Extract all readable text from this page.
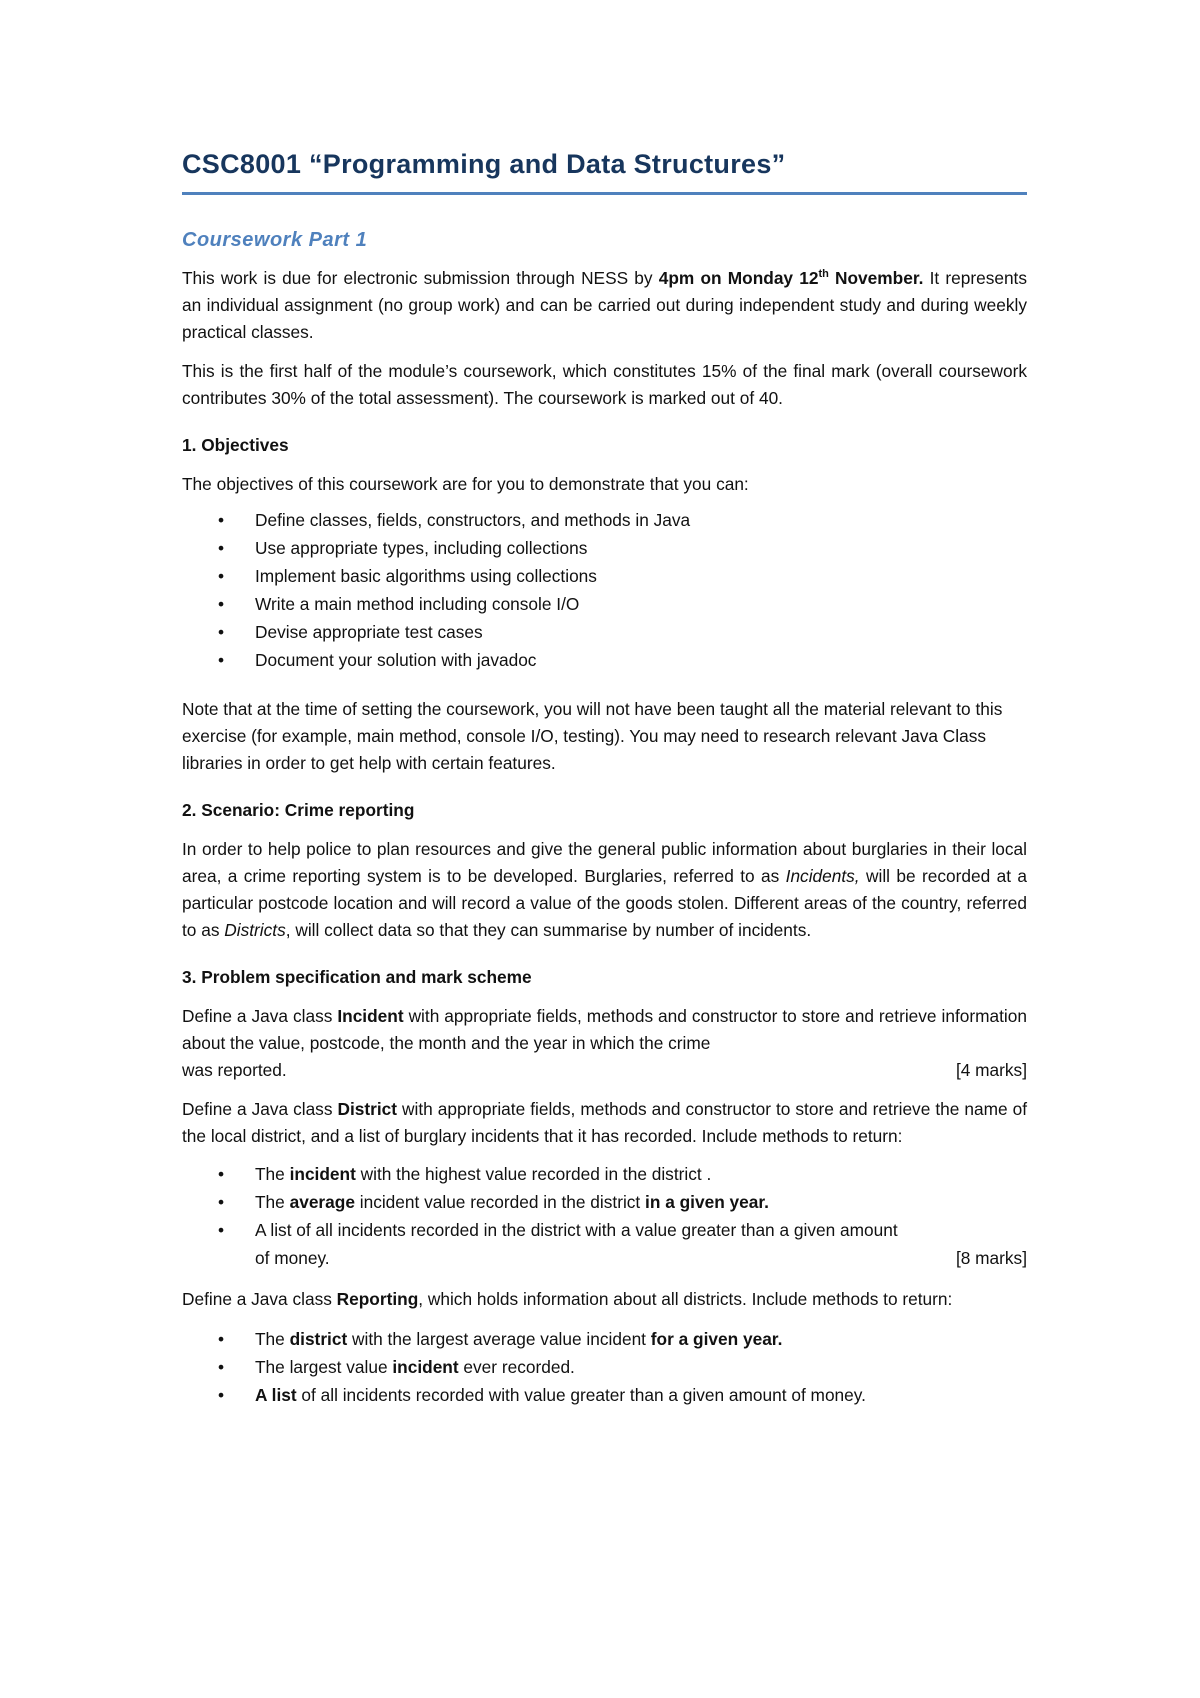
CSC8001 “Programming and Data Structures”
Coursework Part 1

This work is due for electronic submission through NESS by 4pm on Monday 12th November. It represents an individual assignment (no group work) and can be carried out during independent study and during weekly practical classes.

This is the first half of the module’s coursework, which constitutes 15% of the final mark (overall coursework contributes 30% of the total assessment). The coursework is marked out of 40.

1. Objectives

The objectives of this coursework are for you to demonstrate that you can:

• Define classes, fields, constructors, and methods in Java
• Use appropriate types, including collections
• Implement basic algorithms using collections
• Write a main method including console I/O
• Devise appropriate test cases
• Document your solution with javadoc

Note that at the time of setting the coursework, you will not have been taught all the material relevant to this exercise (for example, main method, console I/O, testing). You may need to research relevant Java Class libraries in order to get help with certain features.

2. Scenario: Crime reporting

In order to help police to plan resources and give the general public information about burglaries in their local area, a crime reporting system is to be developed. Burglaries, referred to as Incidents, will be recorded at a particular postcode location and will record a value of the goods stolen. Different areas of the country, referred to as Districts, will collect data so that they can summarise by number of incidents.

3. Problem specification and mark scheme

Define a Java class Incident with appropriate fields, methods and constructor to store and retrieve information about the value, postcode, the month and the year in which the crime

was reported.	[4 marks]

Define a Java class District with appropriate fields, methods and constructor to store and retrieve the name of the local district, and a list of burglary incidents that it has recorded. Include methods to return:

• The incident with the highest value recorded in the district .
• The average incident value recorded in the district in a given year.
• A list of all incidents recorded in the district with a value greater than a given amount
of money.	[8 marks]

Define a Java class Reporting, which holds information about all districts. Include methods to return:

• The district with the largest average value incident for a given year.
• The largest value incident ever recorded.
• A list of all incidents recorded with value greater than a given amount of money.
